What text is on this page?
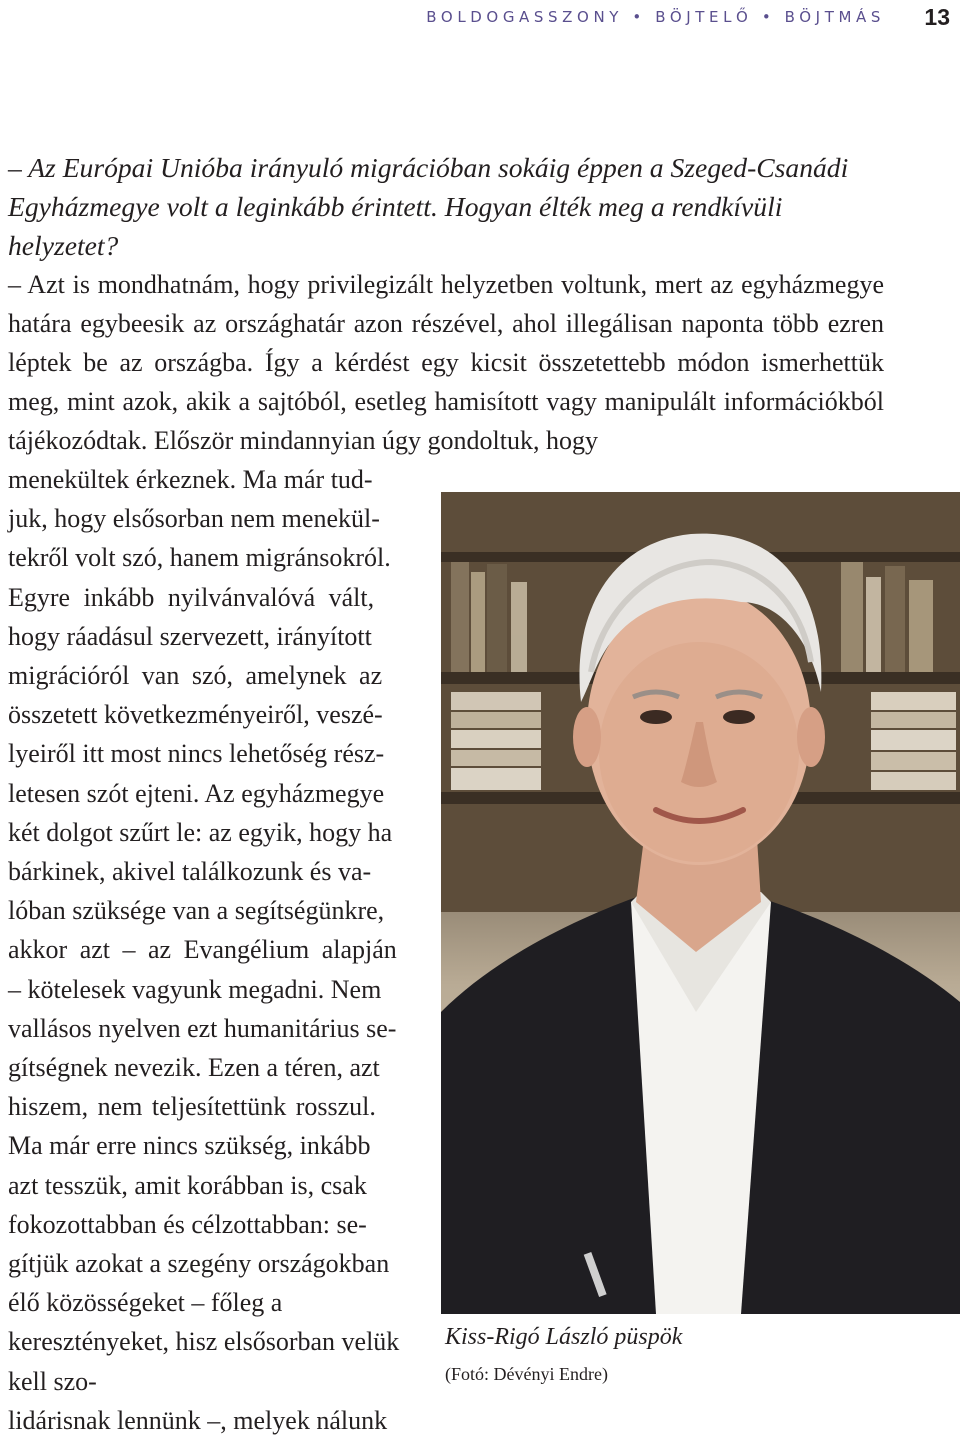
BOLDOGASSZONY • BÖJTELŐ • BÖJTMÁS 13

– Az Európai Unióba irányuló migrációban sokáig éppen a Szeged-Csanádi Egyházmegye volt a leginkább érintett. Hogyan élték meg a rendkívüli helyzetet?

– Azt is mondhatnám, hogy privilegizált helyzetben voltunk, mert az egyházmegye határa egybeesik az országhatár azon részével, ahol illegálisan naponta több ezren léptek be az országba. Így a kérdést egy kicsit összetettebb módon ismerhettük meg, mint azok, akik a sajtóból, esetleg hamisított vagy manipulált információkból tájékozódtak. Először mindannyian úgy gondoltuk, hogy

menekültek érkeznek. Ma már tud-
juk, hogy elsősorban nem menekül-
tekről volt szó, hanem migránsokról.
Egyre inkább nyilvánvalóvá vált,
hogy ráadásul szervezett, irányított
migrációról van szó, amelynek az
összetett következményeiről, veszé-
lyeiről itt most nincs lehetőség rész-
letesen szót ejteni. Az egyházmegye
két dolgot szűrt le: az egyik, hogy ha
bárkinek, akivel találkozunk és va-
lóban szüksége van a segítségünkre,
akkor azt – az Evangélium alapján
– kötelesek vagyunk megadni. Nem
vallásos nyelven ezt humanitárius se-
gítségnek nevezik. Ezen a téren, azt
hiszem, nem teljesítettünk rosszul.
Ma már erre nincs szükség, inkább
azt tesszük, amit korábban is, csak
fokozottabban és célzottabban: se-
gítjük azokat a szegény országokban
élő közösségeket – főleg a keresztényeket, hisz elsősorban velük kell szo-
lidárisnak lennünk –, melyek nálunk

Kiss-Rigó László püspök

(Fotó: Dévényi Endre)
